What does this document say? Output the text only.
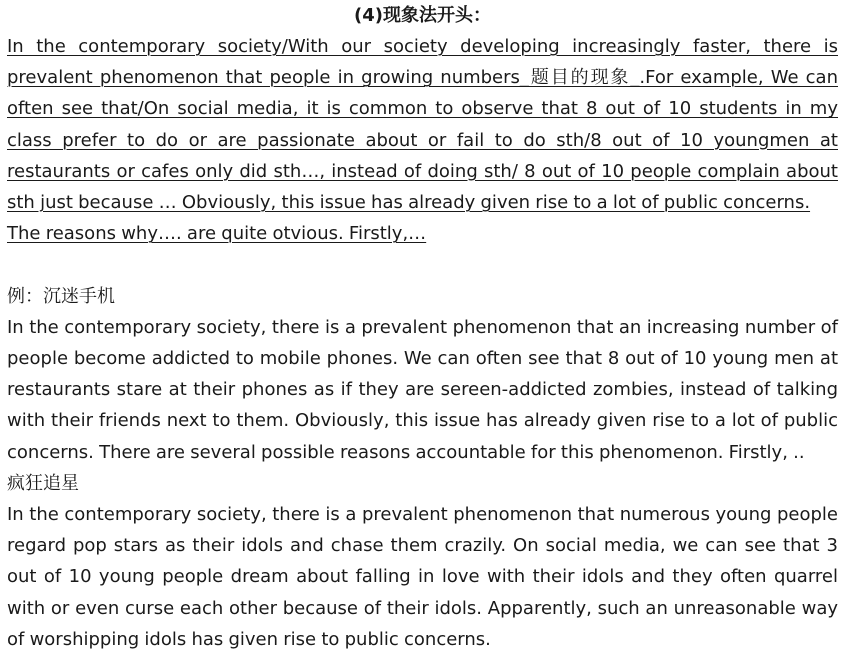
(4)现象法开头：

In the contemporary society/With our society developing increasingly faster, there is prevalent phenomenon that people in growing numbers_题目的现象_.For example, We can often see that/On social media, it is common to observe that 8 out of 10 students in my class prefer to do or are passionate about or fail to do sth/8 out of 10 youngmen at restaurants or cafes only did sth…, instead of doing sth/ 8 out of 10 people complain about sth just because … Obviously, this issue has already given rise to a lot of public concerns.

The reasons why…. are quite otvious. Firstly,…

例：沉迷手机

In the contemporary society, there is a prevalent phenomenon that an increasing number of people become addicted to mobile phones. We can often see that 8 out of 10 young men at restaurants stare at their phones as if they are sereen-addicted zombies, instead of talking with their friends next to them. Obviously, this issue has already given rise to a lot of public concerns. There are several possible reasons accountable for this phenomenon. Firstly, ..

疯狂追星

In the contemporary society, there is a prevalent phenomenon that numerous young people regard pop stars as their idols and chase them crazily. On social media, we can see that 3 out of 10 young people dream about falling in love with their idols and they often quarrel with or even curse each other because of their idols. Apparently, such an unreasonable way of worshipping idols has given rise to public concerns.
